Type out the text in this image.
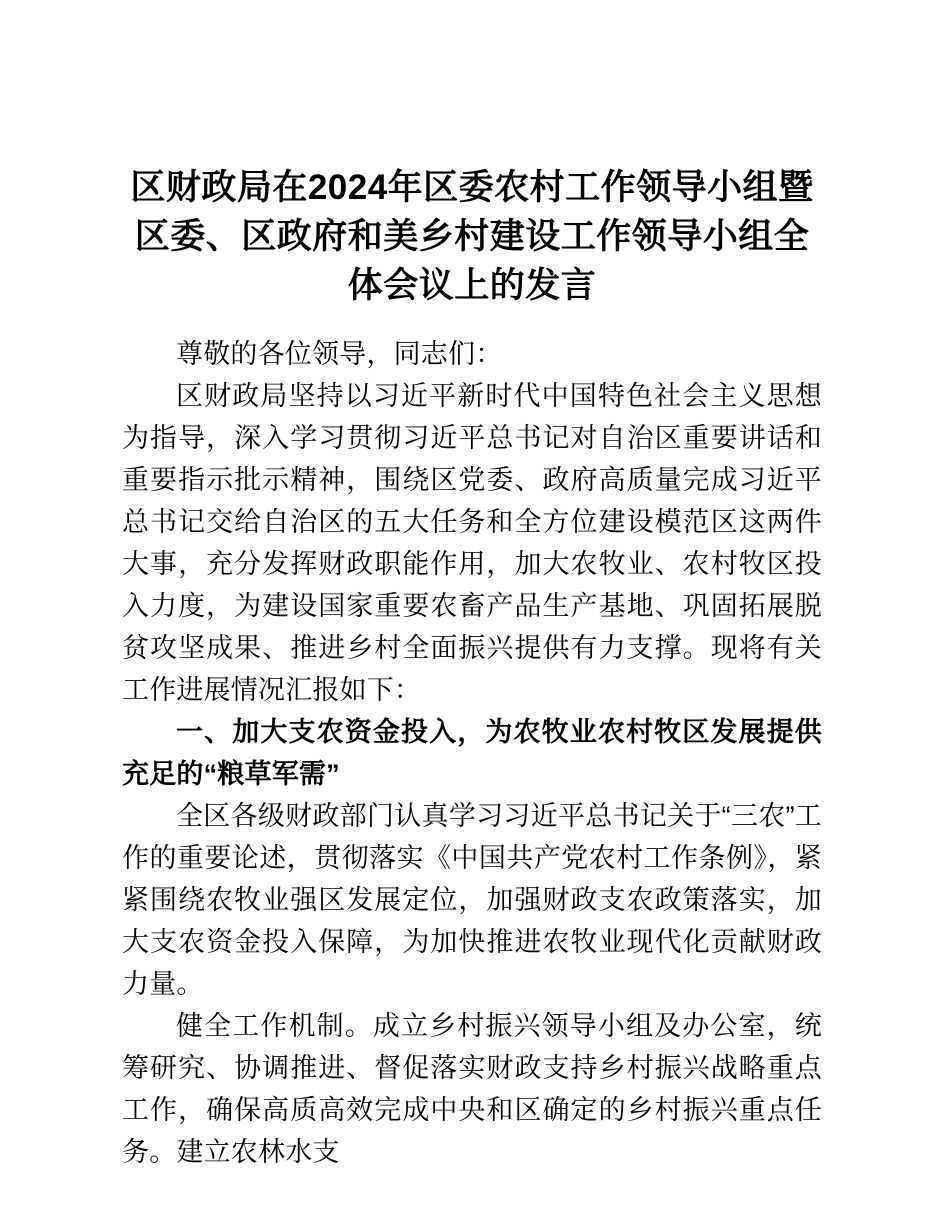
区财政局在2024年区委农村工作领导小组暨区委、区政府和美乡村建设工作领导小组全体会议上的发言

尊敬的各位领导，同志们：

区财政局坚持以习近平新时代中国特色社会主义思想为指导，深入学习贯彻习近平总书记对自治区重要讲话和重要指示批示精神，围绕区党委、政府高质量完成习近平总书记交给自治区的五大任务和全方位建设模范区这两件大事，充分发挥财政职能作用，加大农牧业、农村牧区投入力度，为建设国家重要农畜产品生产基地、巩固拓展脱贫攻坚成果、推进乡村全面振兴提供有力支撑。现将有关工作进展情况汇报如下：

一、加大支农资金投入，为农牧业农村牧区发展提供充足的“粮草军需”

全区各级财政部门认真学习习近平总书记关于“三农”工作的重要论述，贯彻落实《中国共产党农村工作条例》，紧紧围绕农牧业强区发展定位，加强财政支农政策落实，加大支农资金投入保障，为加快推进农牧业现代化贡献财政力量。

健全工作机制。成立乡村振兴领导小组及办公室，统筹研究、协调推进、督促落实财政支持乡村振兴战略重点工作，确保高质高效完成中央和区确定的乡村振兴重点任务。建立农林水支
